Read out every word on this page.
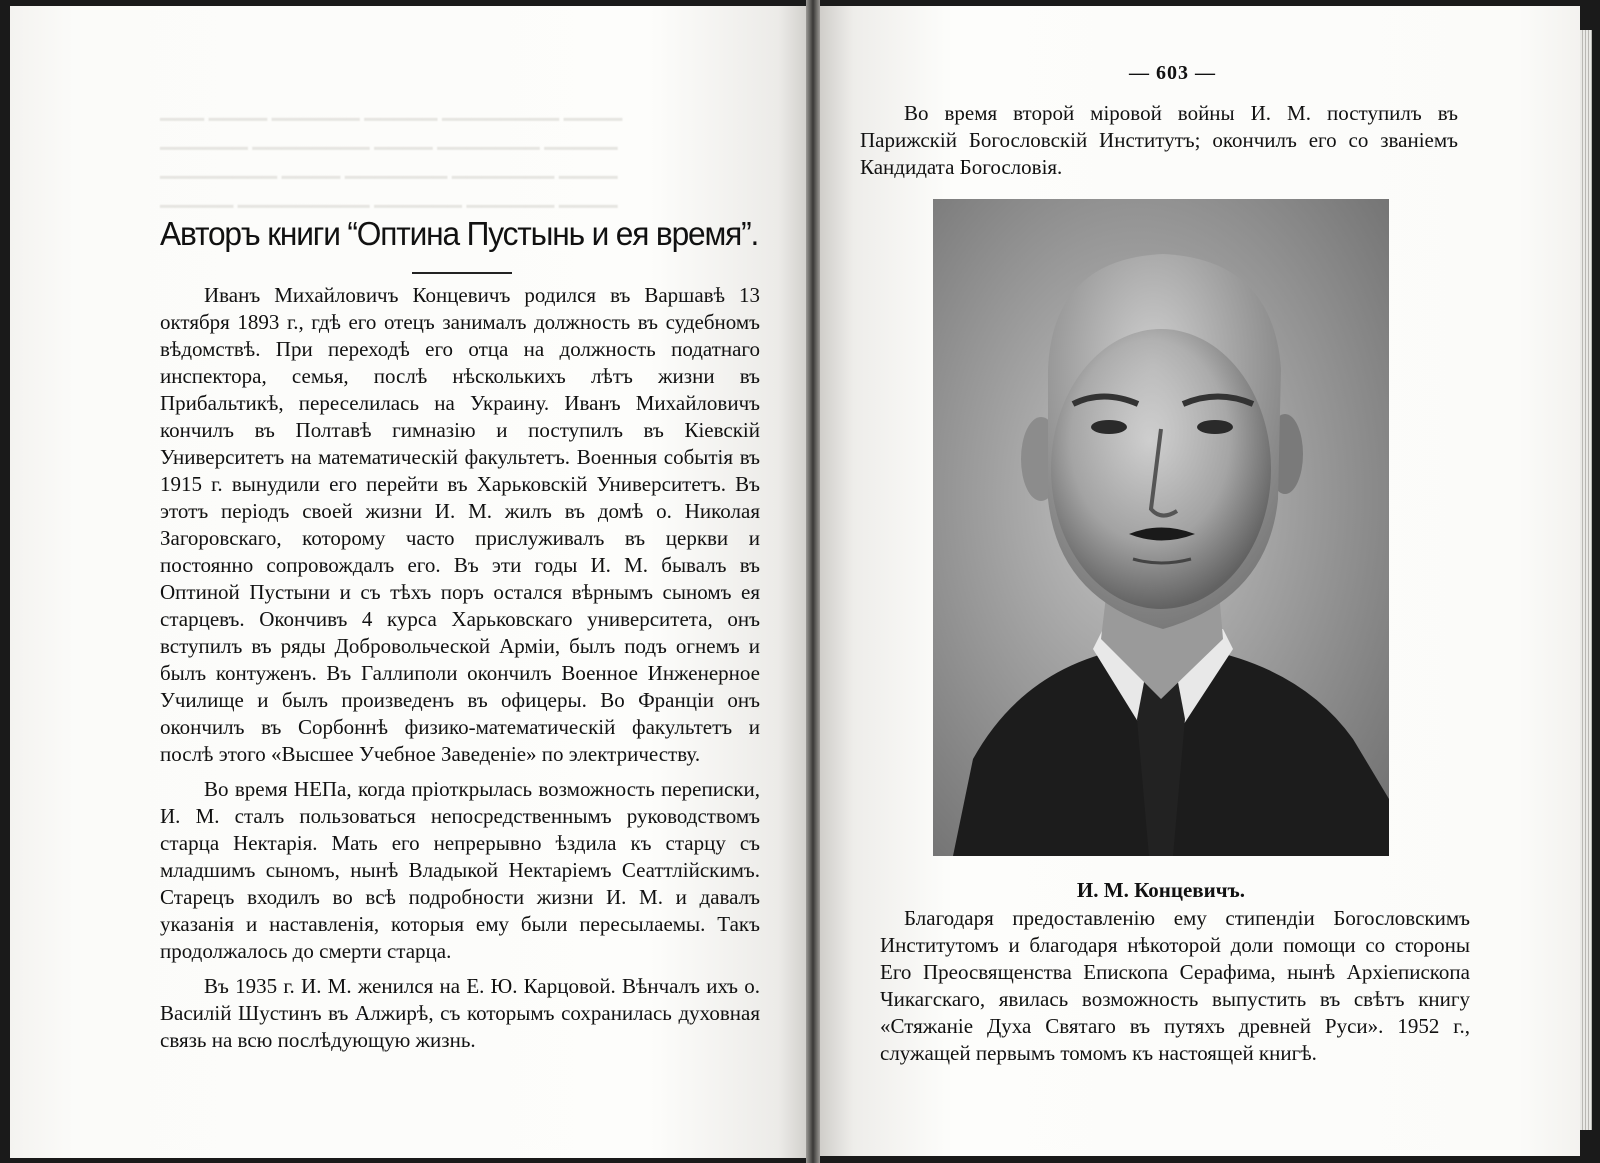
▁▁▁ ▁▁▁▁ ▁▁▁▁▁▁ ▁▁▁▁▁ ▁▁▁▁▁▁▁▁ ▁▁▁▁

▁▁▁▁▁▁ ▁▁▁▁▁▁▁▁ ▁▁▁▁ ▁▁▁▁▁▁▁ ▁▁▁▁▁

▁▁▁▁▁▁▁▁ ▁▁▁▁ ▁▁▁▁▁▁▁ ▁▁▁▁▁▁▁ ▁▁▁▁

▁▁▁▁▁ ▁▁▁▁▁▁▁▁▁ ▁▁▁▁▁▁ ▁▁▁▁▁▁ ▁▁▁▁

Авторъ книги “Оптина Пустынь и ея время”.

Иванъ Михайловичъ Концевичъ родился въ Варшавѣ 13 октября 1893 г., гдѣ его отецъ занималъ должность въ судебномъ вѣдомствѣ. При переходѣ его отца на должность податнаго инспектора, семья, послѣ нѣсколькихъ лѣтъ жизни въ Прибальтикѣ, переселилась на Украину. Иванъ Михайловичъ кончилъ въ Полтавѣ гимназію и поступилъ въ Кіевскій Университетъ на математическій факультетъ. Военныя событія въ 1915 г. вынудили его перейти въ Харьковскій Университетъ. Въ этотъ періодъ своей жизни И. М. жилъ въ домѣ о. Николая Загоровскаго, которому часто прислуживалъ въ церкви и постоянно сопровождалъ его. Въ эти годы И. М. бывалъ въ Оптиной Пустыни и съ тѣхъ поръ остался вѣрнымъ сыномъ ея старцевъ. Окончивъ 4 курса Харьковскаго университета, онъ вступилъ въ ряды Добровольческой Арміи, былъ подъ огнемъ и былъ контуженъ. Въ Галлиполи окончилъ Военное Инженерное Училище и былъ произведенъ въ офицеры. Во Франціи онъ окончилъ въ Сорбоннѣ физико-математическій факультетъ и послѣ этого «Высшее Учебное Заведеніе» по электричеству.

Во время НЕПа, когда пріоткрылась возможность переписки, И. М. сталъ пользоваться непосредственнымъ руководствомъ старца Нектарія. Мать его непрерывно ѣздила къ старцу съ младшимъ сыномъ, нынѣ Владыкой Нектаріемъ Сеаттлійскимъ. Старецъ входилъ во всѣ подробности жизни И. М. и давалъ указанія и наставленія, которыя ему были пересылаемы. Такъ продолжалось до смерти старца.

Въ 1935 г. И. М. женился на Е. Ю. Карцовой. Вѣнчалъ ихъ о. Василій Шустинъ въ Алжирѣ, съ которымъ сохранилась духовная связь на всю послѣдующую жизнь.

— 603 —

Во время второй міровой войны И. М. поступилъ въ Парижскій Богословскій Институтъ; окончилъ его со званіемъ Кандидата Богословія.

И. М. Концевичъ.

Благодаря предоставленію ему стипендіи Богословскимъ Институтомъ и благодаря нѣкоторой доли помощи со стороны Его Преосвященства Епископа Серафима, нынѣ Архіепископа Чикагскаго, явилась возможность выпустить въ свѣтъ книгу «Стяжаніе Духа Святаго въ путяхъ древней Руси». 1952 г., служащей первымъ томомъ къ настоящей книгѣ.
